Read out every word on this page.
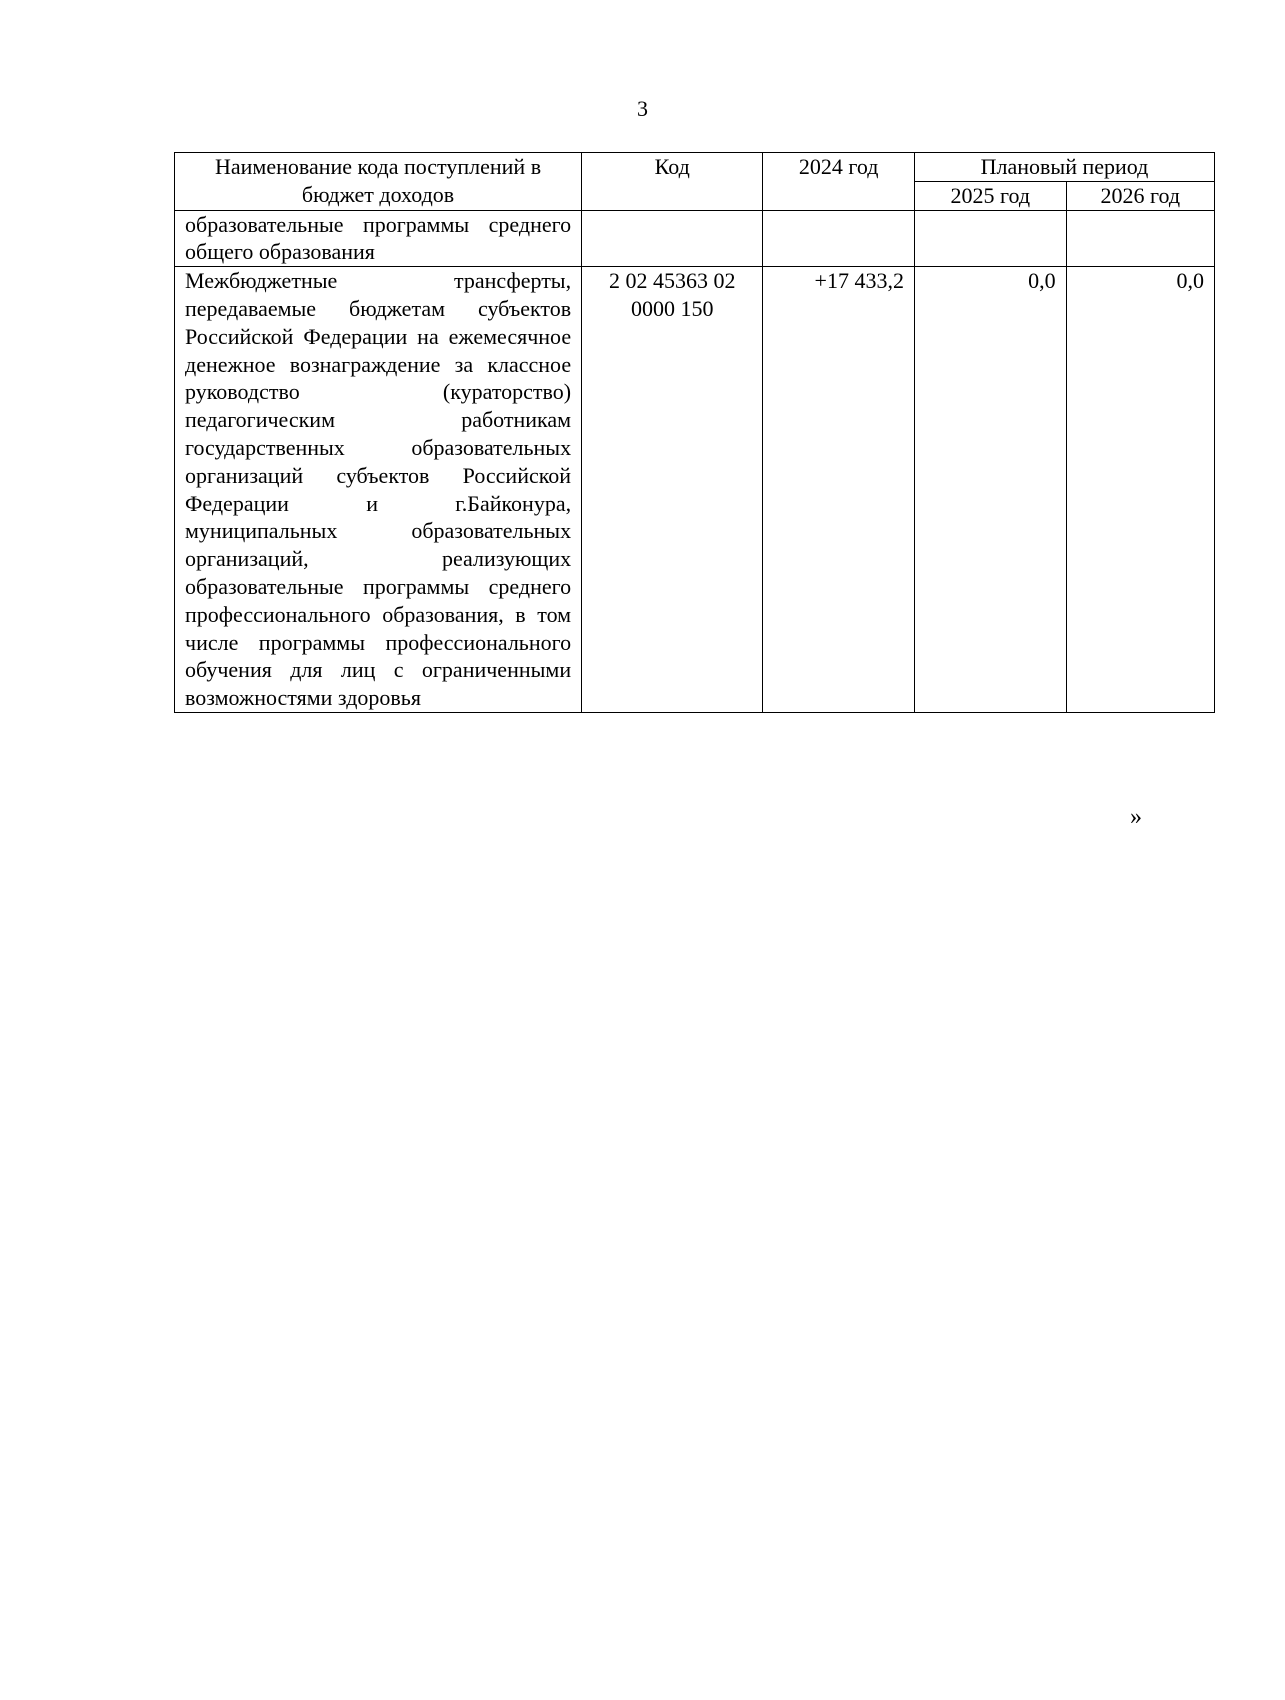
3
Наименование кода поступлений в бюджет доходов	Код	2024 год	Плановый период	
			2025 год	2026 год
образовательные программы среднего общего образования				
Межбюджетные трансферты, передаваемые бюджетам субъектов Российской Федерации на ежемесячное денежное вознаграждение за классное руководство (кураторство) педагогическим работникам государственных образовательных организаций субъектов Российской Федерации и г.Байконура, муниципальных образовательных организаций, реализующих образовательные программы среднего профессионального образования, в том числе программы профессионального обучения для лиц с ограниченными возможностями здоровья	2 02 45363 02 0000 150	+17 433,2	0,0	0,0
»
